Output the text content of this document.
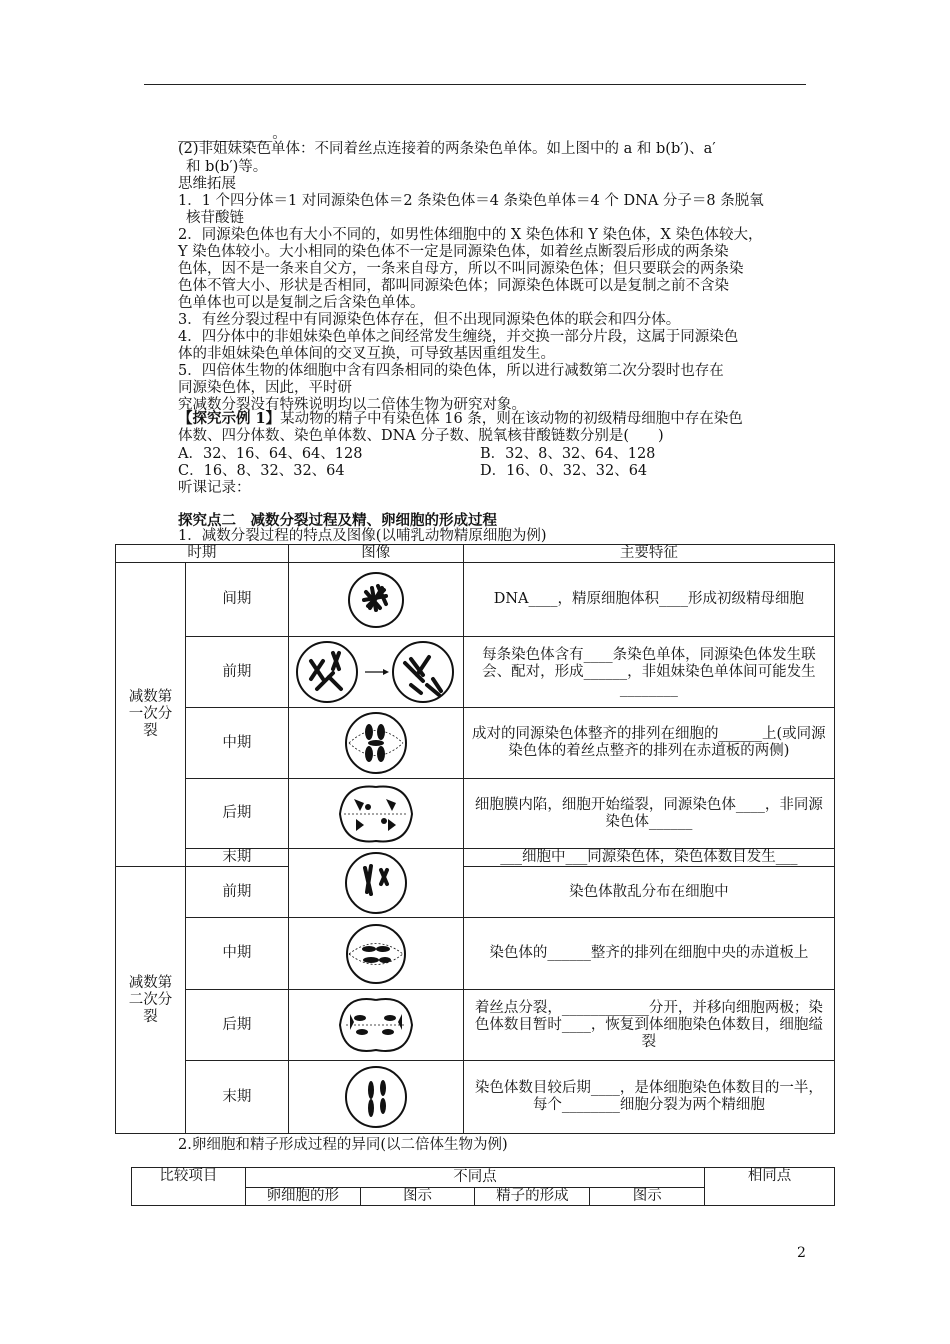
_____________。
(2)非姐妹染色单体：不同着丝点连接着的两条染色单体。如上图中的 a 和 b(b′)、a′
和 b(b′)等。
思维拓展
1．1 个四分体＝1 对同源染色体＝2 条染色体＝4 条染色单体＝4 个 DNA 分子＝8 条脱氧
核苷酸链
2．同源染色体也有大小不同的，如男性体细胞中的 X 染色体和 Y 染色体，X 染色体较大，
Y 染色体较小。大小相同的染色体不一定是同源染色体，如着丝点断裂后形成的两条染
色体，因不是一条来自父方，一条来自母方，所以不叫同源染色体；但只要联会的两条染
色体不管大小、形状是否相同，都叫同源染色体；同源染色体既可以是复制之前不含染
色单体也可以是复制之后含染色单体。
3．有丝分裂过程中有同源染色体存在，但不出现同源染色体的联会和四分体。
4．四分体中的非姐妹染色单体之间经常发生缠绕，并交换一部分片段，这属于同源染色
体的非姐妹染色单体间的交叉互换，可导致基因重组发生。
5．四倍体生物的体细胞中含有四条相同的染色体，所以进行减数第二次分裂时也存在
同源染色体，因此，平时研
究减数分裂没有特殊说明均以二倍体生物为研究对象。
【探究示例 1】某动物的精子中有染色体 16 条，则在该动物的初级精母细胞中存在染色
体数、四分体数、染色单体数、DNA 分子数、脱氧核苷酸链数分别是(　　)
A．32、16、64、64、128	B．32、8、32、64、128
C．16、8、32、32、64	D．16、0、32、32、64
听课记录：
探究点二　减数分裂过程及精、卵细胞的形成过程
1．减数分裂过程的特点及图像(以哺乳动物精原细胞为例)
时期		图像	主要特征

减数第一次分裂	间期		DNA____，精原细胞体积____形成初级精母细胞
	前期		每条染色体含有____条染色单体，同源染色体发生联会、配对，形成______，非姐妹染色单体间可能发生________
	中期		成对的同源染色体整齐的排列在细胞的______上(或同源染色体的着丝点整齐的排列在赤道板的两侧)
	后期		细胞膜内陷，细胞开始缢裂，同源染色体____，非同源染色体______
	末期		___细胞中___同源染色体，染色体数目发生___

减数第二次分裂	前期		染色体散乱分布在细胞中
	中期		染色体的______整齐的排列在细胞中央的赤道板上
	后期		着丝点分裂，____________分开，并移向细胞两极；染色体数目暂时____，恢复到体细胞染色体数目，细胞缢裂
	末期		染色体数目较后期____，是体细胞染色体数目的一半，每个________细胞分裂为两个精细胞
2.卵细胞和精子形成过程的异同(以二倍体生物为例)
比较项目	不同点				相同点
	卵细胞的形	图示	精子的形成	图示	
2
